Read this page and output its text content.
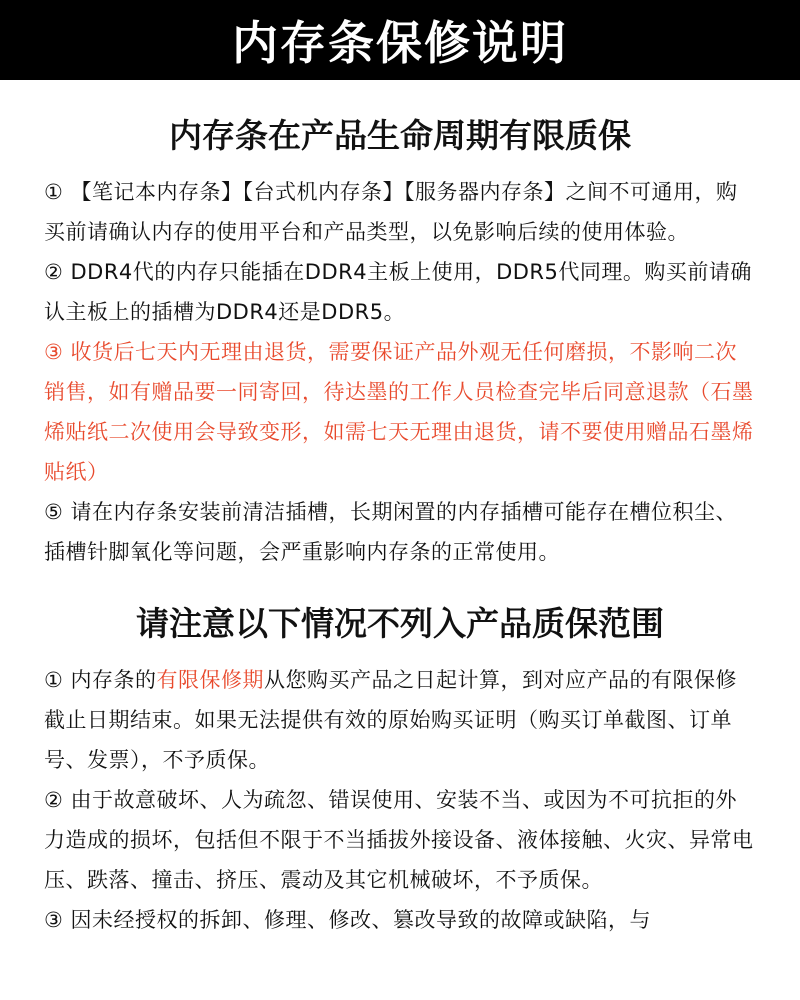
内存条保修说明
内存条在产品生命周期有限质保

① 【笔记本内存条】【台式机内存条】【服务器内存条】之间不可通用，购买前请确认内存的使用平台和产品类型，以免影响后续的使用体验。

② DDR4代的内存只能插在DDR4主板上使用，DDR5代同理。购买前请确认主板上的插槽为DDR4还是DDR5。

③ 收货后七天内无理由退货，需要保证产品外观无任何磨损，不影响二次销售，如有赠品要一同寄回，待达墨的工作人员检查完毕后同意退款（石墨烯贴纸二次使用会导致变形，如需七天无理由退货，请不要使用赠品石墨烯贴纸）

⑤ 请在内存条安装前清洁插槽，长期闲置的内存插槽可能存在槽位积尘、插槽针脚氧化等问题，会严重影响内存条的正常使用。

请注意以下情况不列入产品质保范围

① 内存条的有限保修期从您购买产品之日起计算，到对应产品的有限保修截止日期结束。如果无法提供有效的原始购买证明（购买订单截图、订单号、发票），不予质保。

② 由于故意破坏、人为疏忽、错误使用、安装不当、或因为不可抗拒的外力造成的损坏，包括但不限于不当插拔外接设备、液体接触、火灾、异常电压、跌落、撞击、挤压、震动及其它机械破坏，不予质保。

③ 因未经授权的拆卸、修理、修改、篡改导致的故障或缺陷，与
